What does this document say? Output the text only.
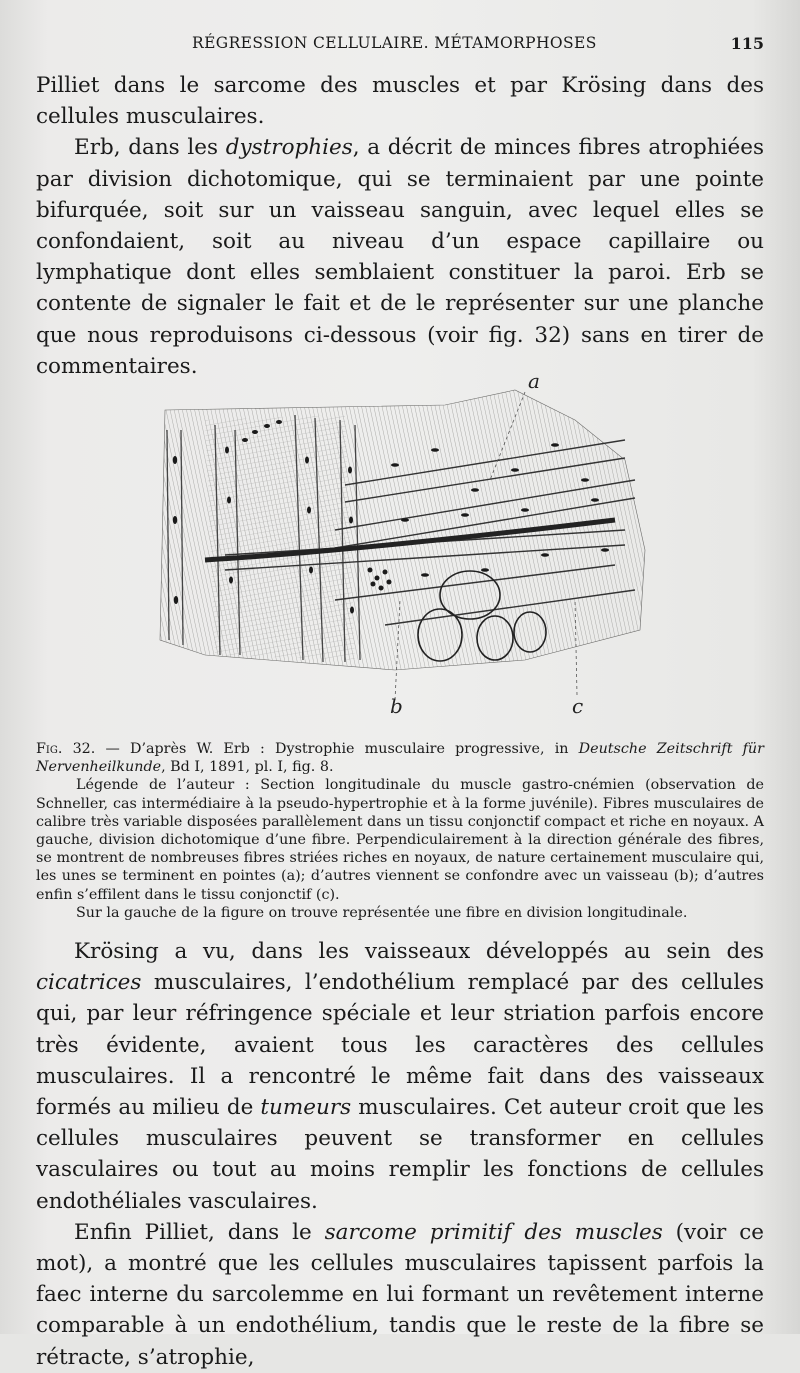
RÉGRESSION CELLULAIRE. MÉTAMORPHOSES	115

Pilliet dans le sarcome des muscles et par Krösing dans des cellules musculaires.

Erb, dans les dystrophies, a décrit de minces fibres atrophiées par division dichotomique, qui se terminaient par une pointe bifurquée, soit sur un vaisseau sanguin, avec lequel elles se confondaient, soit au niveau d’un espace capillaire ou lymphatique dont elles semblaient constituer la paroi. Erb se contente de signaler le fait et de le représenter sur une planche que nous reproduisons ci-dessous (voir fig. 32) sans en tirer de commentaires.

a
b	c

Fig. 32. — D’après W. Erb : Dystrophie musculaire progressive, in Deutsche Zeitschrift für Nervenheilkunde, Bd I, 1891, pl. I, fig. 8.

Légende de l’auteur : Section longitudinale du muscle gastro-cnémien (observation de Schneller, cas intermédiaire à la pseudo-hypertrophie et à la forme juvénile). Fibres musculaires de calibre très variable disposées parallèlement dans un tissu conjonctif compact et riche en noyaux. A gauche, division dichotomique d’une fibre. Perpendiculairement à la direction générale des fibres, se montrent de nombreuses fibres striées riches en noyaux, de nature certainement musculaire qui, les unes se terminent en pointes (a); d’autres viennent se confondre avec un vaisseau (b); d’autres enfin s’effilent dans le tissu conjonctif (c).

Sur la gauche de la figure on trouve représentée une fibre en division longitudinale.

Krösing a vu, dans les vaisseaux développés au sein des cicatrices musculaires, l’endothélium remplacé par des cellules qui, par leur réfringence spéciale et leur striation parfois encore très évidente, avaient tous les caractères des cellules musculaires. Il a rencontré le même fait dans des vaisseaux formés au milieu de tumeurs musculaires. Cet auteur croit que les cellules musculaires peuvent se transformer en cellules vasculaires ou tout au moins remplir les fonctions de cellules endothéliales vasculaires.

Enfin Pilliet, dans le sarcome primitif des muscles (voir ce mot), a montré que les cellules musculaires tapissent parfois la faec interne du sarcolemme en lui formant un revêtement interne comparable à un endothélium, tandis que le reste de la fibre se rétracte, s’atrophie,
